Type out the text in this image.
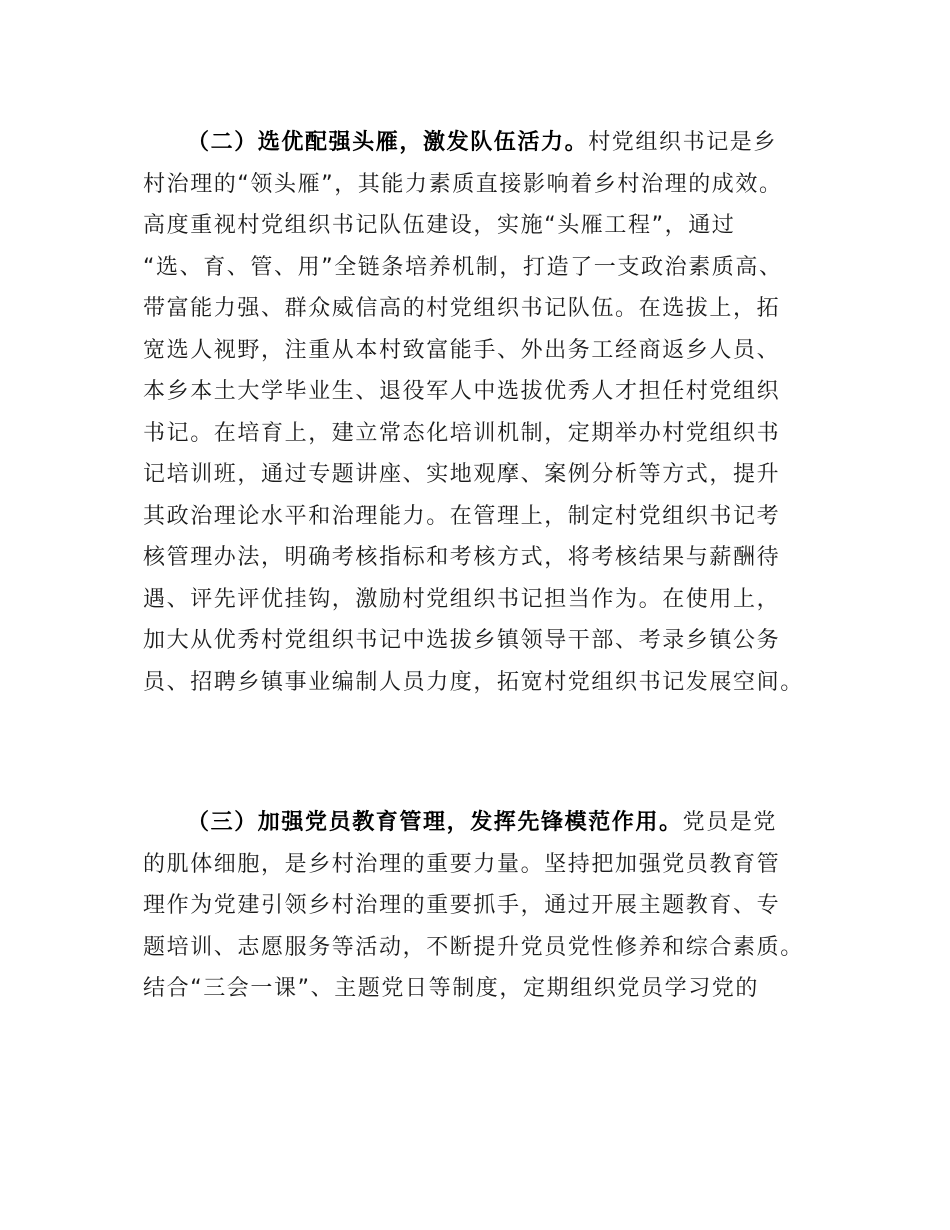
（二）选优配强头雁，激发队伍活力。村党组织书记是乡
村治理的“领头雁”，其能力素质直接影响着乡村治理的成效。
高度重视村党组织书记队伍建设，实施“头雁工程”，通过
“选、育、管、用”全链条培养机制，打造了一支政治素质高、
带富能力强、群众威信高的村党组织书记队伍。在选拔上，拓
宽选人视野，注重从本村致富能手、外出务工经商返乡人员、
本乡本土大学毕业生、退役军人中选拔优秀人才担任村党组织
书记。在培育上，建立常态化培训机制，定期举办村党组织书
记培训班，通过专题讲座、实地观摩、案例分析等方式，提升
其政治理论水平和治理能力。在管理上，制定村党组织书记考
核管理办法，明确考核指标和考核方式，将考核结果与薪酬待
遇、评先评优挂钩，激励村党组织书记担当作为。在使用上，
加大从优秀村党组织书记中选拔乡镇领导干部、考录乡镇公务
员、招聘乡镇事业编制人员力度，拓宽村党组织书记发展空间。
（三）加强党员教育管理，发挥先锋模范作用。党员是党
的肌体细胞，是乡村治理的重要力量。坚持把加强党员教育管
理作为党建引领乡村治理的重要抓手，通过开展主题教育、专
题培训、志愿服务等活动，不断提升党员党性修养和综合素质。
结合“三会一课”、主题党日等制度，定期组织党员学习党的
